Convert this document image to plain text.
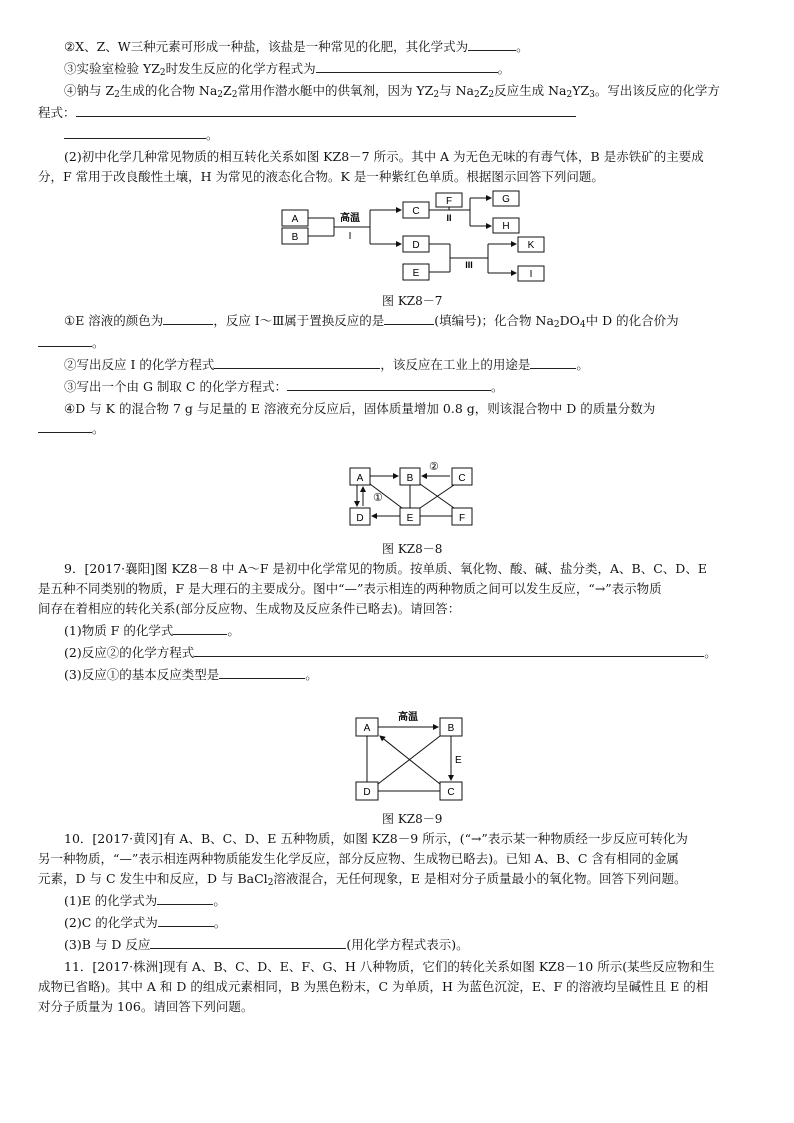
②X、Z、W三种元素可形成一种盐，该盐是一种常见的化肥，其化学式为	。
③实验室检验 $YZ_2$时发生反应的化学方程式为	。
④钠与 $Z_2$生成的化合物 $Na_2Z_2$常用作潜水艇中的供氧剂，因为 $YZ_2$与 $Na_2Z_2$反应生成 $Na_2YZ_3$。写出该反应的化学方
程式：
。
(2)初中化学几种常见物质的相互转化关系如图 KZ8－7 所示。其中 A 为无色无味的有毒气体，B 是赤铁矿的主要成
分，F 常用于改良酸性土壤，H 为常见的液态化合物。K 是一种紫红色单质。根据图示回答下列问题。
A
B
高温
I
C
D
E
F
II
G
H
III
K
I
图 KZ8－7
①E 溶液的颜色为	，反应 Ⅰ～Ⅲ属于置换反应的是	(填编号)；化合物 $Na_2DO_4$中 D 的化合价为
。
②写出反应 Ⅰ 的化学方程式	，该反应在工业上的用途是	。
③写出一个由 G 制取 C 的化学方程式：	。
④D 与 K 的混合物 7 g 与足量的 E 溶液充分反应后，固体质量增加 0.8 g，则该混合物中 D 的质量分数为
。
A	B	C
D	E	F
①
②
图 KZ8－8
9．[2017·襄阳]图 KZ8－8 中 A～F 是初中化学常见的物质。按单质、氧化物、酸、碱、盐分类，A、B、C、D、E
是五种不同类别的物质，F 是大理石的主要成分。图中“—”表示相连的两种物质之间可以发生反应，“→”表示物质
间存在着相应的转化关系(部分反应物、生成物及反应条件已略去)。请回答：
(1)物质 F 的化学式	。
(2)反应②的化学方程式	。
(3)反应①的基本反应类型是	。
A	B
C
D
高温
E
图 KZ8－9
10．[2017·黄冈]有 A、B、C、D、E 五种物质，如图 KZ8－9 所示，(“→”表示某一种物质经一步反应可转化为
另一种物质，“—”表示相连两种物质能发生化学反应，部分反应物、生成物已略去)。已知 A、B、C 含有相同的金属
元素，D 与 C 发生中和反应，D 与 BaCl$_2$溶液混合，无任何现象，E 是相对分子质量最小的氧化物。回答下列问题。
(1)E 的化学式为	。
(2)C 的化学式为	。
(3)B 与 D 反应	(用化学方程式表示)。
11．[2017·株洲]现有 A、B、C、D、E、F、G、H 八种物质，它们的转化关系如图 KZ8－10 所示(某些反应物和生
成物已省略)。其中 A 和 D 的组成元素相同，B 为黑色粉末，C 为单质，H 为蓝色沉淀，E、F 的溶液均呈碱性且 E 的相
对分子质量为 106。请回答下列问题。
